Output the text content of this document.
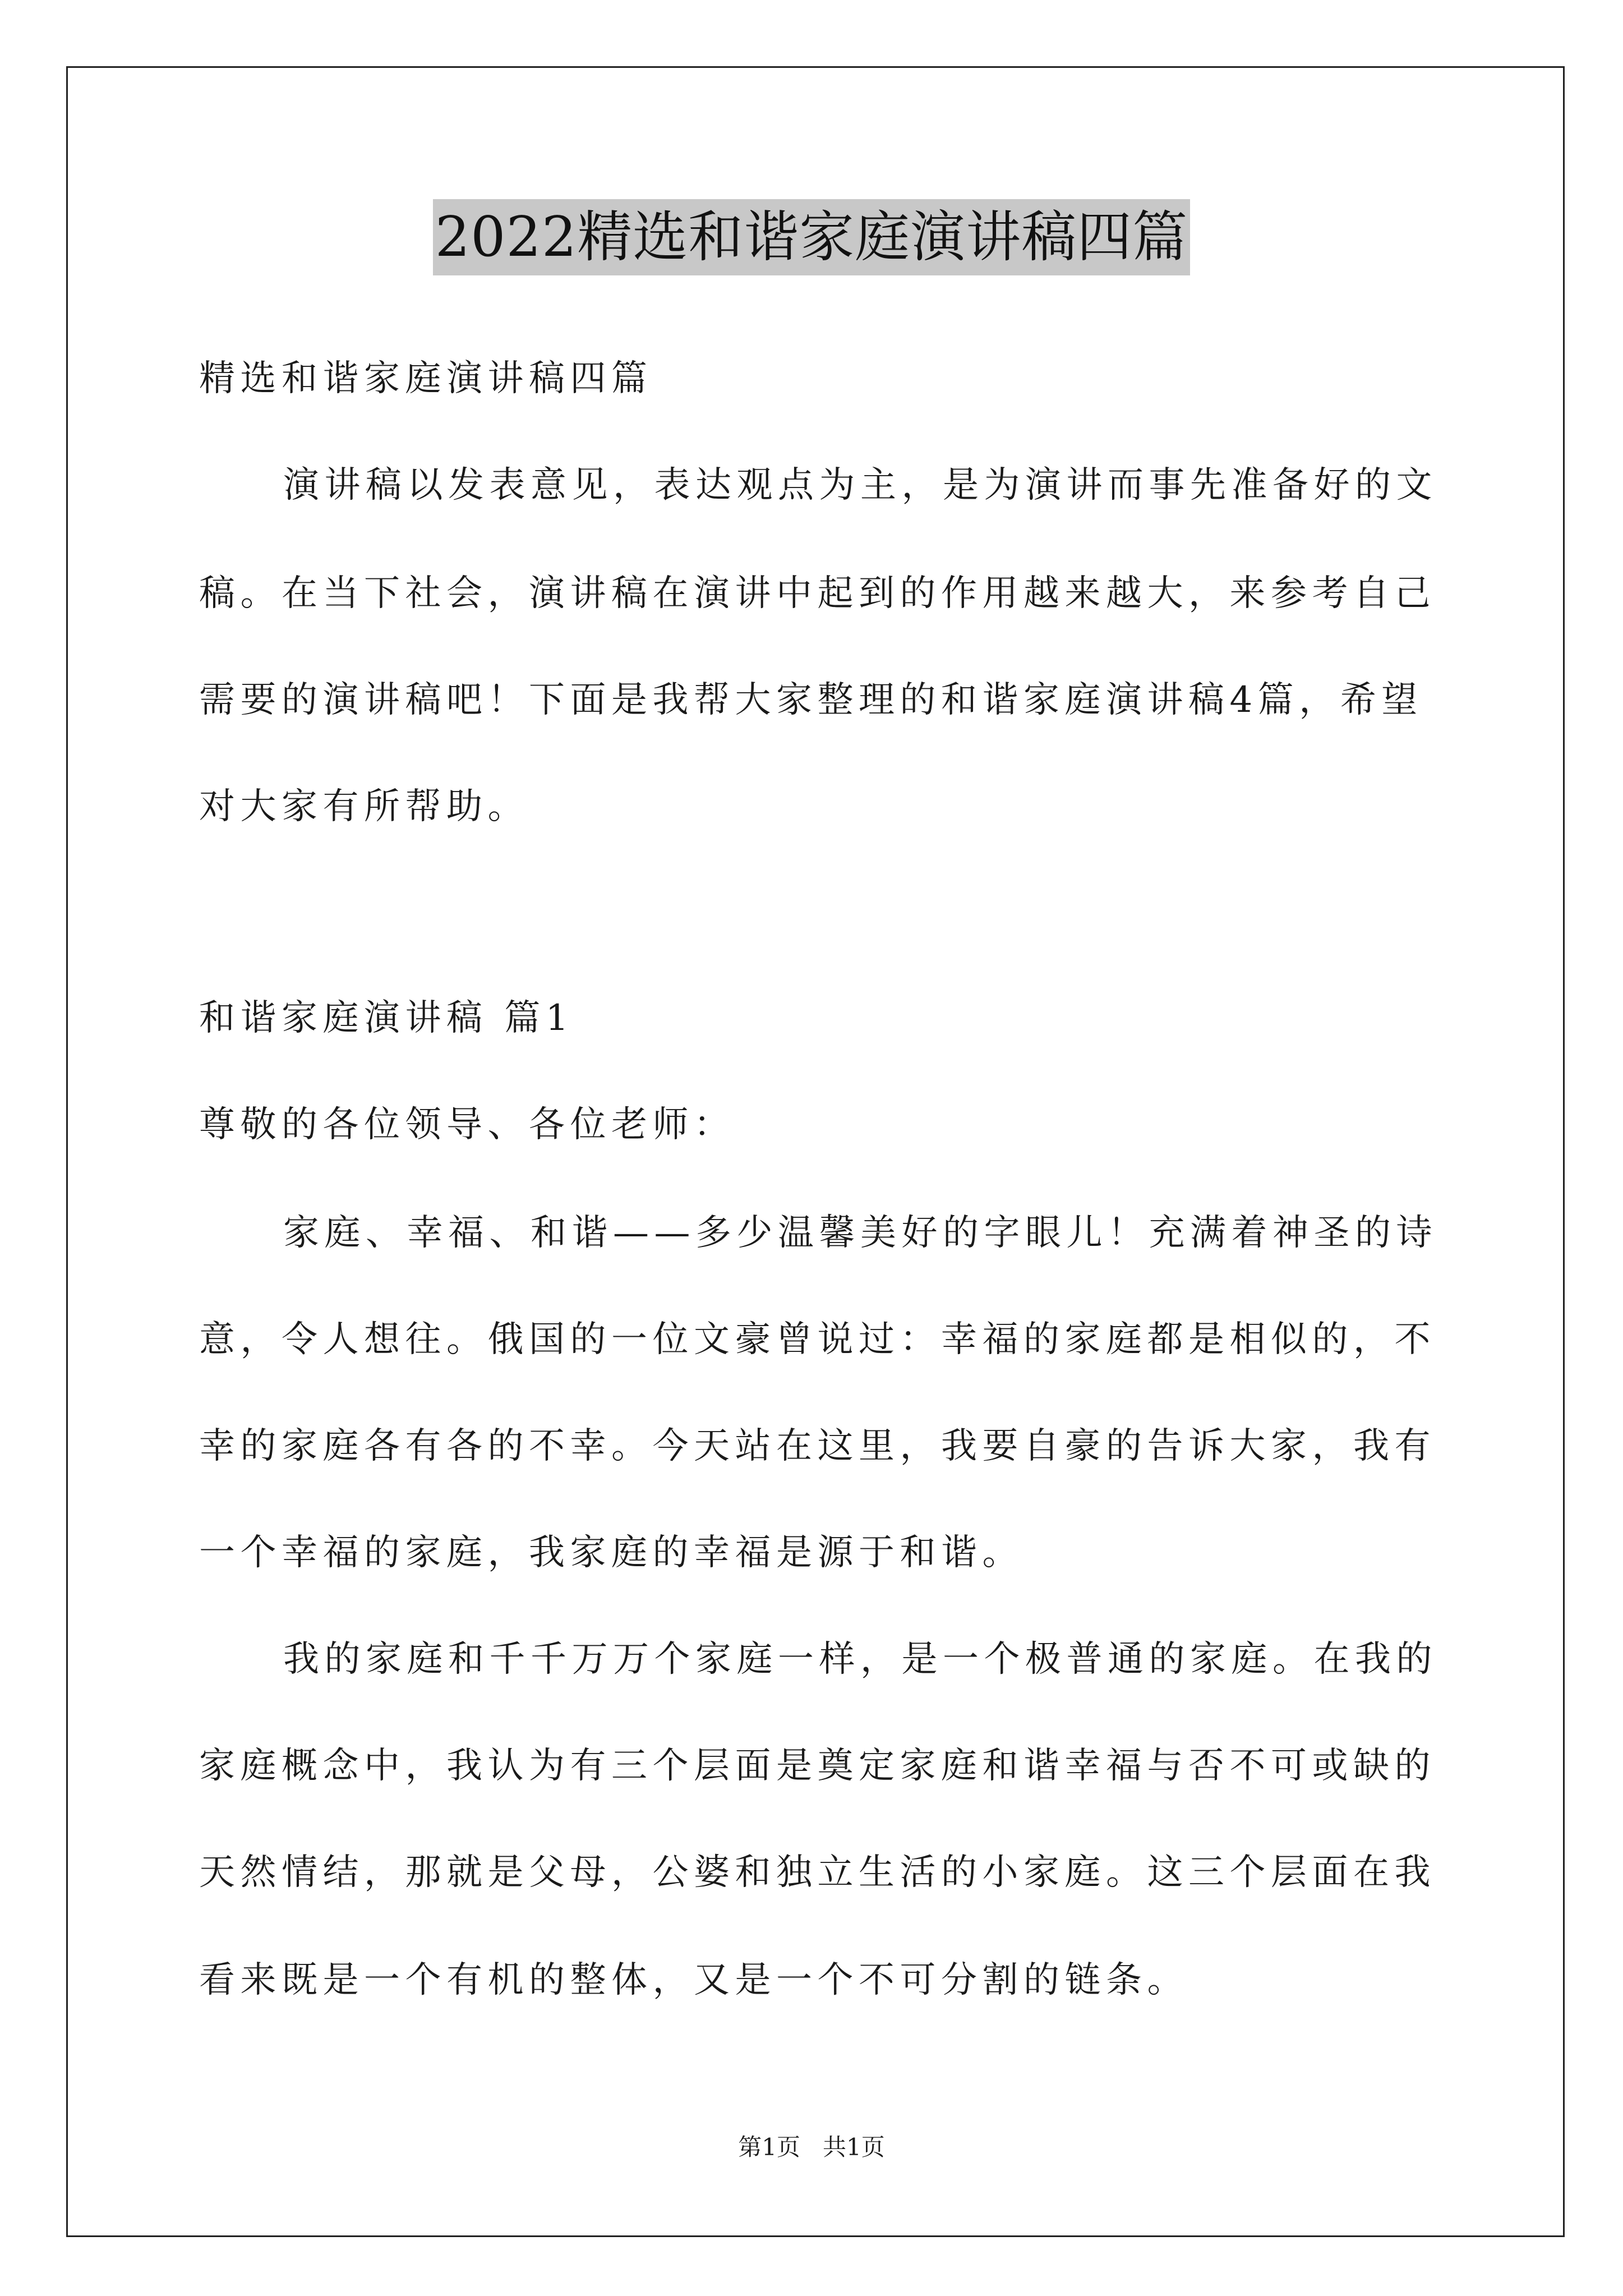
2022精选和谐家庭演讲稿四篇
精选和谐家庭演讲稿四篇
演讲稿以发表意见，表达观点为主，是为演讲而事先准备好的文
稿。在当下社会，演讲稿在演讲中起到的作用越来越大，来参考自己
需要的演讲稿吧！下面是我帮大家整理的和谐家庭演讲稿4篇，希望
对大家有所帮助。
和谐家庭演讲稿 篇1
尊敬的各位领导、各位老师：
家庭、幸福、和谐——多少温馨美好的字眼儿！充满着神圣的诗
意，令人想往。俄国的一位文豪曾说过：幸福的家庭都是相似的，不
幸的家庭各有各的不幸。今天站在这里，我要自豪的告诉大家，我有
一个幸福的家庭，我家庭的幸福是源于和谐。
我的家庭和千千万万个家庭一样，是一个极普通的家庭。在我的
家庭概念中，我认为有三个层面是奠定家庭和谐幸福与否不可或缺的
天然情结，那就是父母，公婆和独立生活的小家庭。这三个层面在我
看来既是一个有机的整体，又是一个不可分割的链条。
第1页   共1页
